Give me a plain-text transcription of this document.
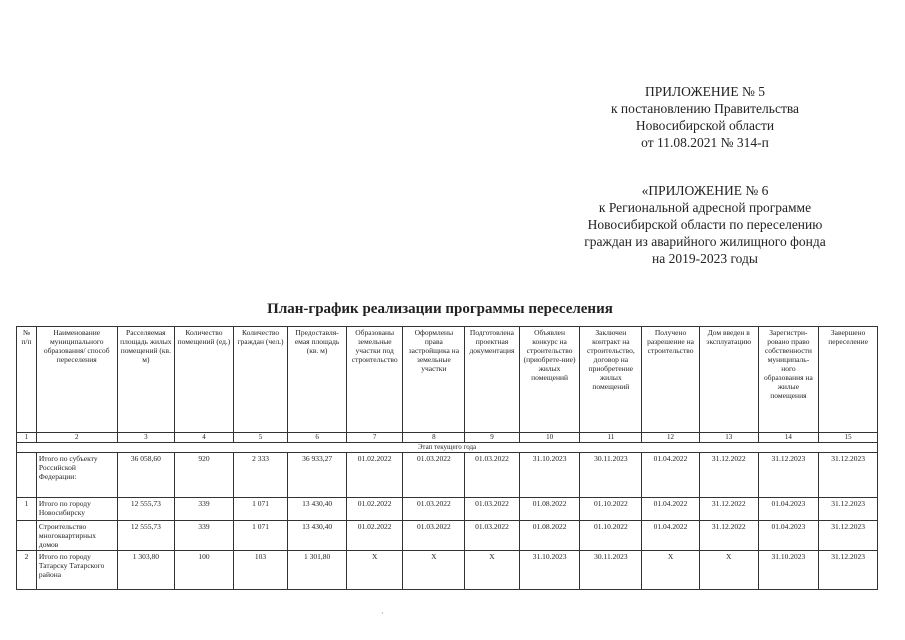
ПРИЛОЖЕНИЕ № 5
к постановлению Правительства
Новосибирской области
от 11.08.2021 № 314-п
«ПРИЛОЖЕНИЕ № 6
к Региональной адресной программе
Новосибирской области по переселению
граждан из аварийного жилищного фонда
на 2019-2023 годы
План-график реализации программы переселения
№ п/п	Наименование муниципального образования/ способ переселения	Расселяемая площадь жилых помещений (кв. м)	Количество помещений (ед.)	Количество граждан (чел.)	Предоставля-емая площадь (кв. м)	Образованы земельные участки под строительство	Оформлены права застройщика на земельные участки	Подготовлена проектная документация	Объявлен конкурс на строительство (приобрете-ние) жилых помещений	Заключен контракт на строительство, договор на приобретение жилых помещений	Получено разрешение на строительство	Дом введен в эксплуатацию	Зарегистри-ровано право собственности муниципаль-ного образования на жилые помещения	Завершено переселение
1	2	3	4	5	6	7	8	9	10	11	12	13	14	15
Этап текущего года														
	Итого по субъекту Российской Федерации:	36 058,60	920	2 333	36 933,27	01.02.2022	01.03.2022	01.03.2022	31.10.2023	30.11.2023	01.04.2022	31.12.2022	31.12.2023	31.12.2023
1	Итого по городу Новосибирску	12 555,73	339	1 071	13 430,40	01.02.2022	01.03.2022	01.03.2022	01.08.2022	01.10.2022	01.04.2022	31.12.2022	01.04.2023	31.12.2023
	Строительство многоквартирных домов	12 555,73	339	1 071	13 430,40	01.02.2022	01.03.2022	01.03.2022	01.08.2022	01.10.2022	01.04.2022	31.12.2022	01.04.2023	31.12.2023
2	Итого по городу Татарску Татарского района	1 303,80	100	103	1 301,80	X	X	X	31.10.2023	30.11.2023	X	X	31.10.2023	31.12.2023
·
